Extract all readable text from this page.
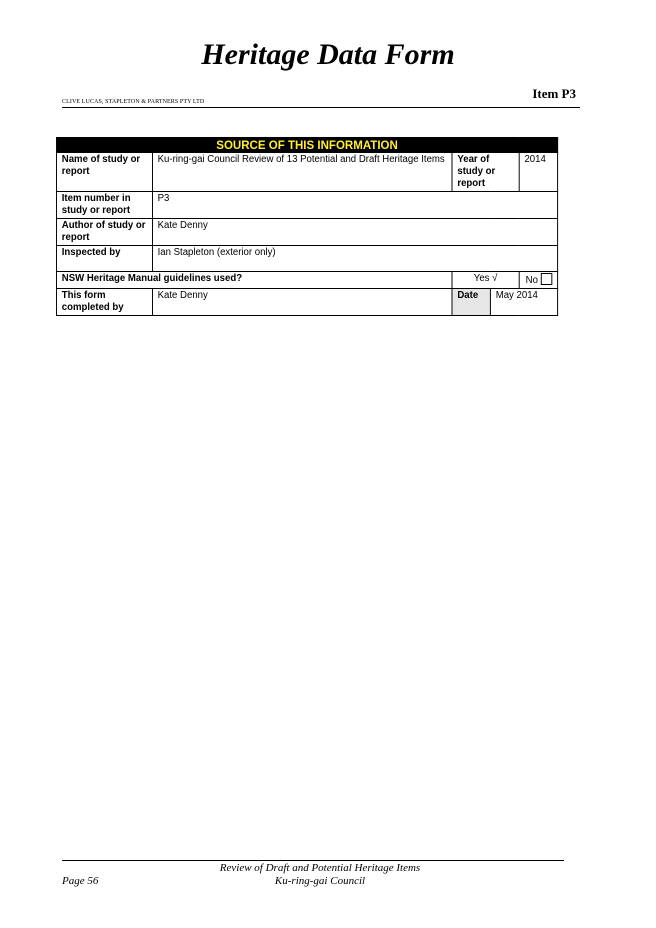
Heritage Data Form
Item P3
CLIVE LUCAS, STAPLETON & PARTNERS PTY LTD
SOURCE OF THIS INFORMATION				
Name of study or report	Ku-ring-gai Council Review of 13 Potential and Draft Heritage Items	Year of study or report		2014
Item number in study or report	P3			
Author of study or report	Kate Denny			
Inspected by	Ian Stapleton (exterior only)			
NSW Heritage Manual guidelines used?		Yes √		No
This form completed by	Kate Denny	Date	May 2014	
Review of Draft and Potential Heritage Items
Ku-ring-gai Council
Page 56
